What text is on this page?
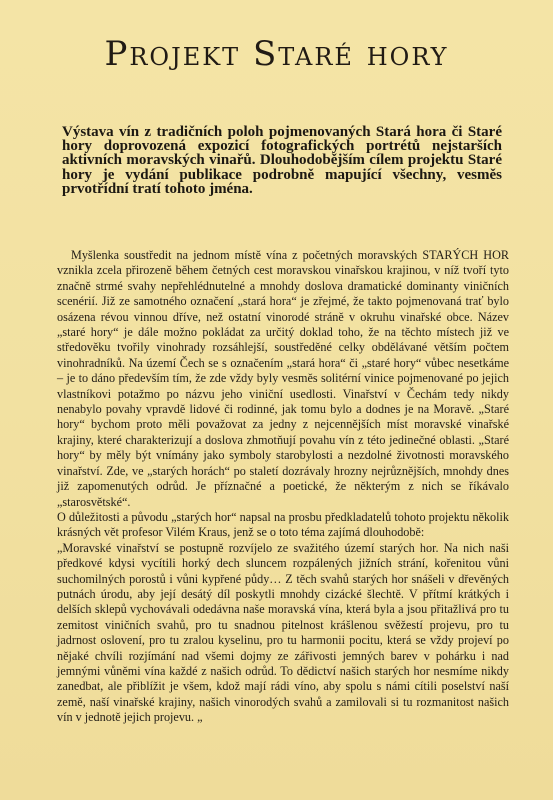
Projekt Staré hory
Výstava vín z tradičních poloh pojmenovaných Stará hora či Staré hory doprovozená expozicí fotografických portrétů nejstarších aktivních moravských vinařů. Dlouhodobějším cílem projektu Staré hory je vydání publikace podrobně mapující všechny, vesměs prvotřídní tratí tohoto jména.

Myšlenka soustředit na jednom místě vína z početných moravských STARÝCH HOR vznikla zcela přirozeně během četných cest moravskou vinařskou krajinou, v níž tvoří tyto značně strmé svahy nepřehlédnutelné a mnohdy doslova dramatické dominanty viničních scenérií. Již ze samotného označení „stará hora“ je zřejmé, že takto pojmenovaná trať bylo osázena révou vinnou dříve, než ostatní vinorodé stráně v okruhu vinařské obce. Název „staré hory“ je dále možno pokládat za určitý doklad toho, že na těchto místech již ve středověku tvořily vinohrady rozsáhlejší, soustředěné celky obdělávané větším počtem vinohradníků. Na území Čech se s označením „stará hora“ či „staré hory“ vůbec nesetkáme – je to dáno především tím, že zde vždy byly vesměs solitérní vinice pojmenované po jejich vlastníkovi potažmo po názvu jeho viniční usedlosti. Vinařství v Čechám tedy nikdy nenabylo povahy vpravdě lidové či rodinné, jak tomu bylo a dodnes je na Moravě. „Staré hory“ bychom proto měli považovat za jedny z nejcennějších míst moravské vinařské krajiny, které charakterizují a doslova zhmotňují povahu vín z této jedinečné oblasti. „Staré hory“ by měly být vnímány jako symboly starobylosti a nezdolné životnosti moravského vinařství. Zde, ve „starých horách“ po staletí dozrávaly hrozny nejrůznějších, mnohdy dnes již zapomenutých odrůd. Je příznačné a poetické, že některým z nich se říkávalo „starosvětské“.

O důležitosti a původu „starých hor“ napsal na prosbu předkladatelů tohoto projektu několik krásných vět profesor Vilém Kraus, jenž se o toto téma zajímá dlouhodobě:

„Moravské vinařství se postupně rozvíjelo ze svažitého území starých hor. Na nich naši předkové kdysi vycítili horký dech sluncem rozpálených jižních strání, kořenitou vůni suchomilných porostů i vůni kypřené půdy… Z těch svahů starých hor snášeli v dřevěných putnách úrodu, aby její desátý díl poskytli mnohdy cizácké šlechtě. V přítmí krátkých i delších sklepů vychovávali odedávna naše moravská vína, která byla a jsou přitažlivá pro tu zemitost viničních svahů, pro tu snadnou pitelnost krášlenou svěžestí projevu, pro tu jadrnost oslovení, pro tu zralou kyselinu, pro tu harmonii pocitu, která se vždy projeví po nějaké chvíli rozjímání nad všemi dojmy ze zářivosti jemných barev v pohárku i nad jemnými vůněmi vína každé z našich odrůd. To dědictví našich starých hor nesmíme nikdy zanedbat, ale přiblížit je všem, kdož mají rádi víno, aby spolu s námi cítili poselství naší země, naší vinařské krajiny, našich vinorodých svahů a zamilovali si tu rozmanitost našich vín v jednotě jejich projevu. „
